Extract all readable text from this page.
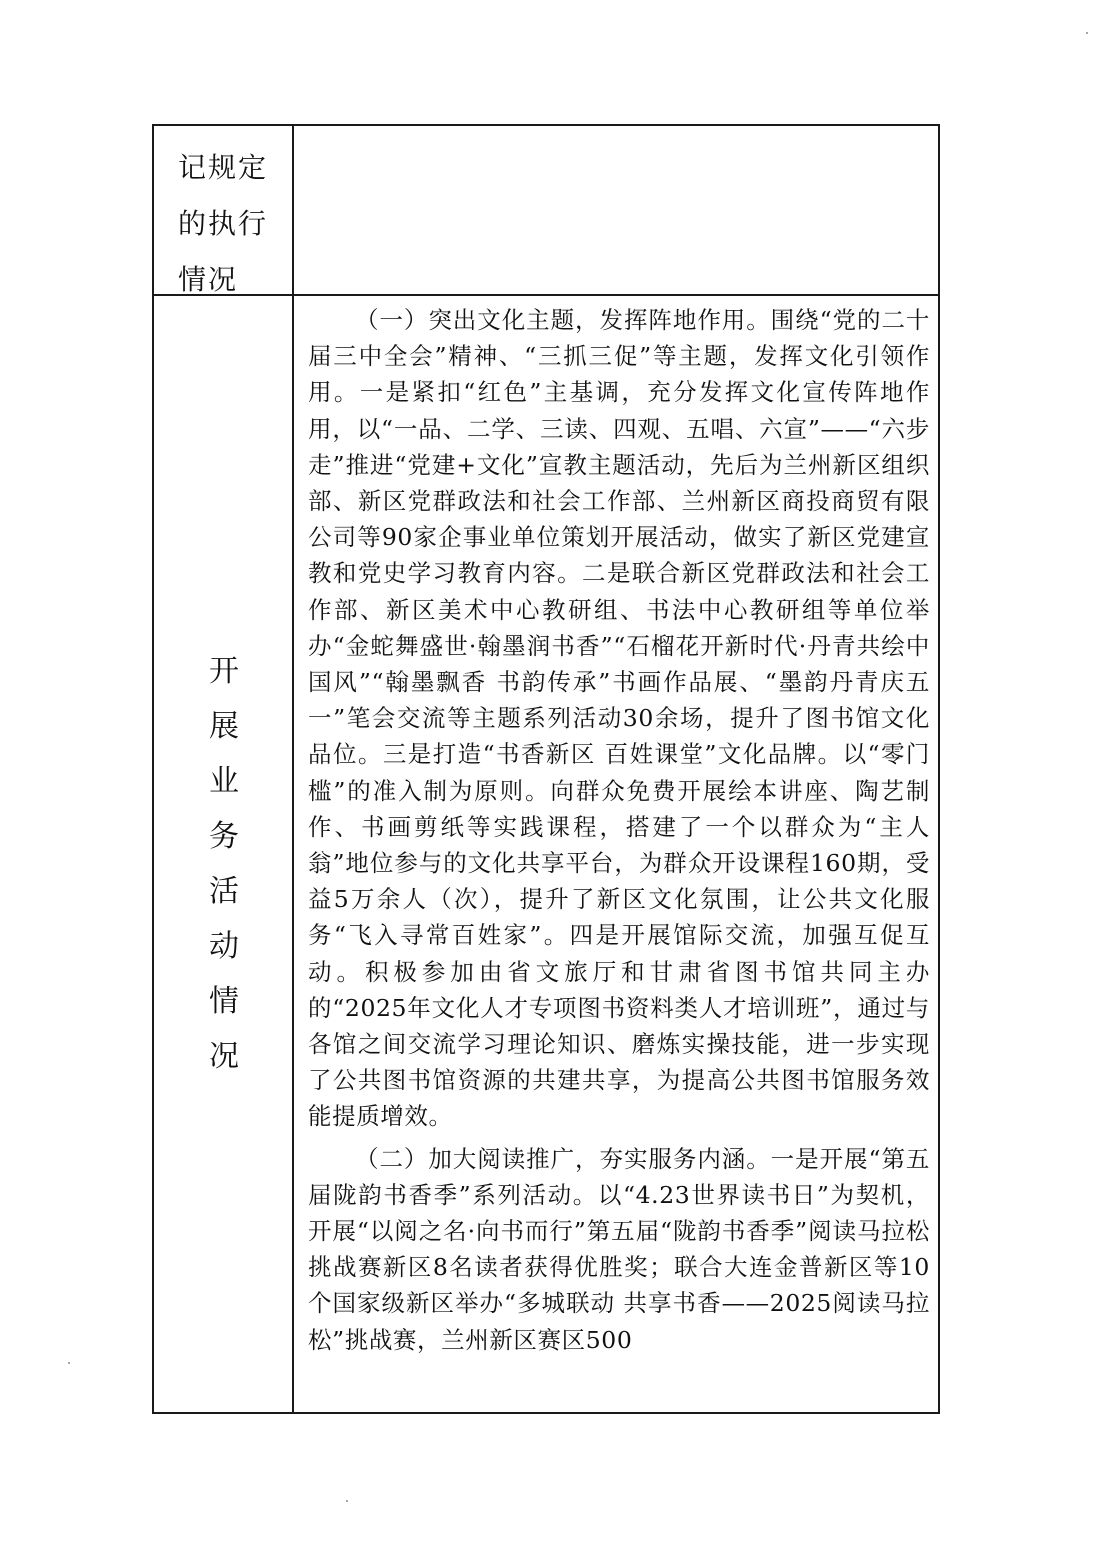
记规定
的执行
情况
开
展
业
务
活
动
情
况

（一）突出文化主题，发挥阵地作用。围绕“党的二十届三中全会”精神、“三抓三促”等主题，发挥文化引领作用。一是紧扣“红色”主基调，充分发挥文化宣传阵地作用，以“一品、二学、三读、四观、五唱、六宣”——“六步走”推进“党建+文化”宣教主题活动，先后为兰州新区组织部、新区党群政法和社会工作部、兰州新区商投商贸有限公司等90家企事业单位策划开展活动，做实了新区党建宣教和党史学习教育内容。二是联合新区党群政法和社会工作部、新区美术中心教研组、书法中心教研组等单位举办“金蛇舞盛世·翰墨润书香”“石榴花开新时代·丹青共绘中国风”“翰墨飘香 书韵传承”书画作品展、“墨韵丹青庆五一”笔会交流等主题系列活动30余场，提升了图书馆文化品位。三是打造“书香新区 百姓课堂”文化品牌。以“零门槛”的准入制为原则。向群众免费开展绘本讲座、陶艺制作、书画剪纸等实践课程，搭建了一个以群众为“主人翁”地位参与的文化共享平台，为群众开设课程160期，受益5万余人（次），提升了新区文化氛围，让公共文化服务“飞入寻常百姓家”。四是开展馆际交流，加强互促互动。积极参加由省文旅厅和甘肃省图书馆共同主办的“2025年文化人才专项图书资料类人才培训班”，通过与各馆之间交流学习理论知识、磨炼实操技能，进一步实现了公共图书馆资源的共建共享，为提高公共图书馆服务效能提质增效。

（二）加大阅读推广，夯实服务内涵。一是开展“第五届陇韵书香季”系列活动。以“4.23世界读书日”为契机，开展“以阅之名·向书而行”第五届“陇韵书香季”阅读马拉松挑战赛新区8名读者获得优胜奖；联合大连金普新区等10个国家级新区举办“多城联动 共享书香——2025阅读马拉松”挑战赛，兰州新区赛区500
